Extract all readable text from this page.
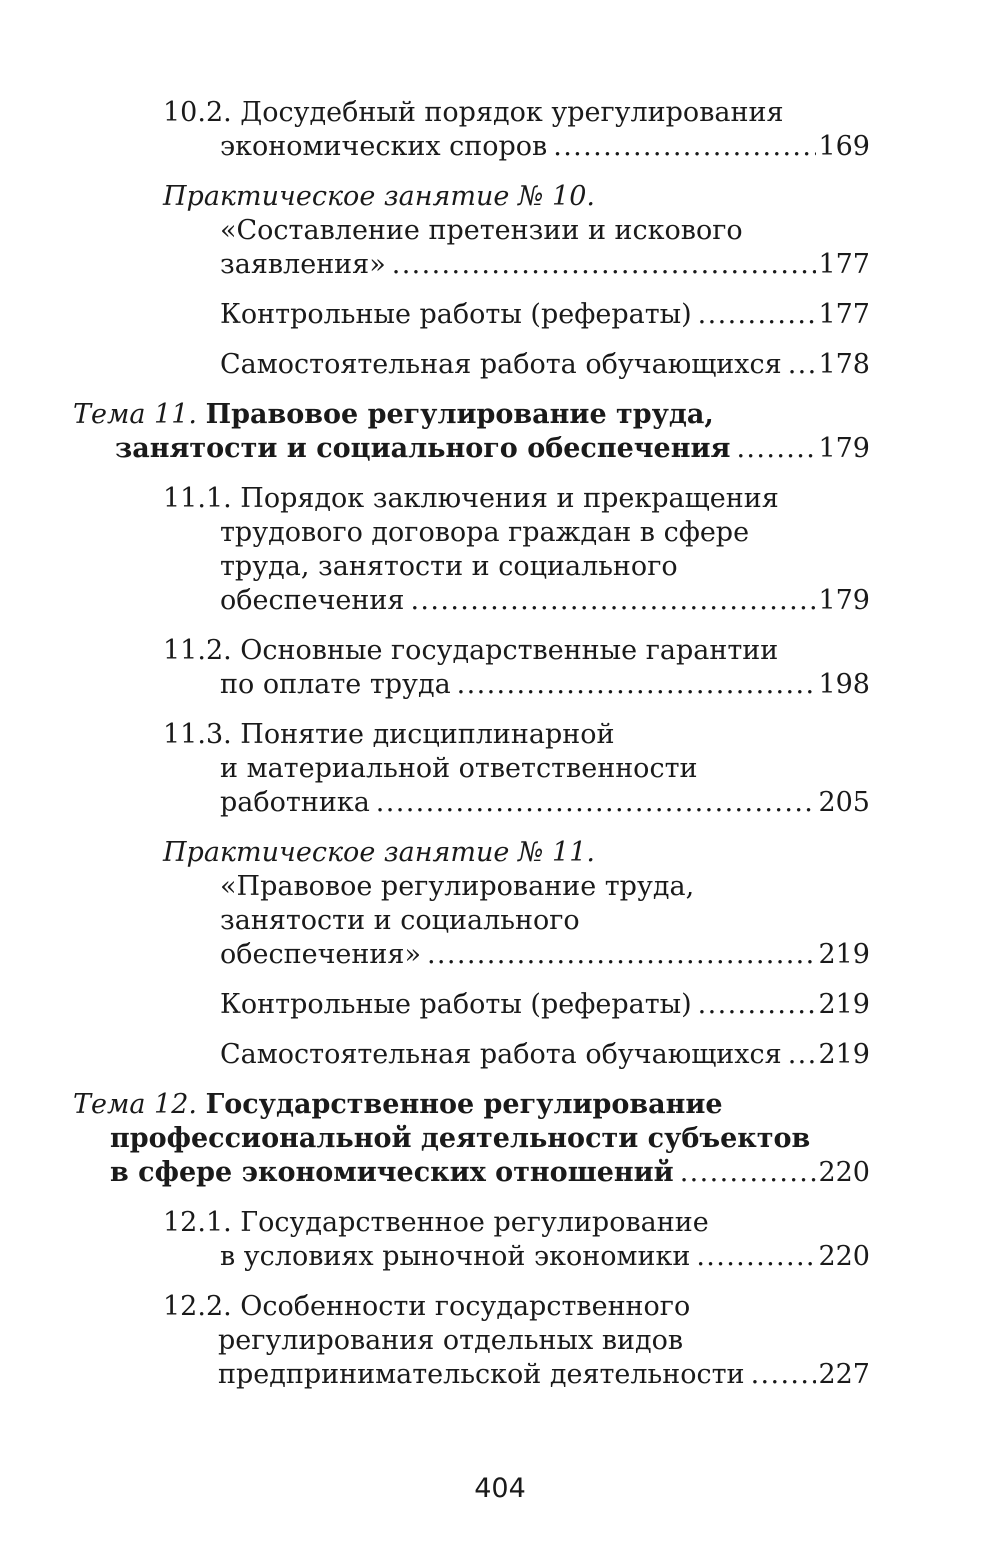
10.2. Досудебный порядок урегулирования
экономических споров . . .	169
Практическое занятие № 10.
«Составление претензии и искового
заявления» . . .	177
Контрольные работы (рефераты) . . .	177
Самостоятельная работа обучающихся . . . 178
Тема 11.
Правовое регулирование труда,
занятости и социального обеспечения . . .	179
11.1. Порядок заключения и прекращения
трудового договора граждан в сфере
труда, занятости и социального
обеспечения . . .	179
11.2. Основные государственные гарантии
по оплате труда . . .	198
11.3. Понятие дисциплинарной
и материальной ответственности
работника . . .	205
Практическое занятие № 11.
«Правовое регулирование труда,
занятости и социального
обеспечения» . . .	219
Контрольные работы (рефераты) . . .	219
Самостоятельная работа обучающихся . . . 219
Тема 12.
Государственное регулирование
профессиональной деятельности субъектов
в сфере экономических отношений . . .	220
12.1. Государственное регулирование
в условиях рыночной экономики . . .	220
12.2. Особенности государственного
регулирования отдельных видов
предпринимательской деятельности . . .	227
404
